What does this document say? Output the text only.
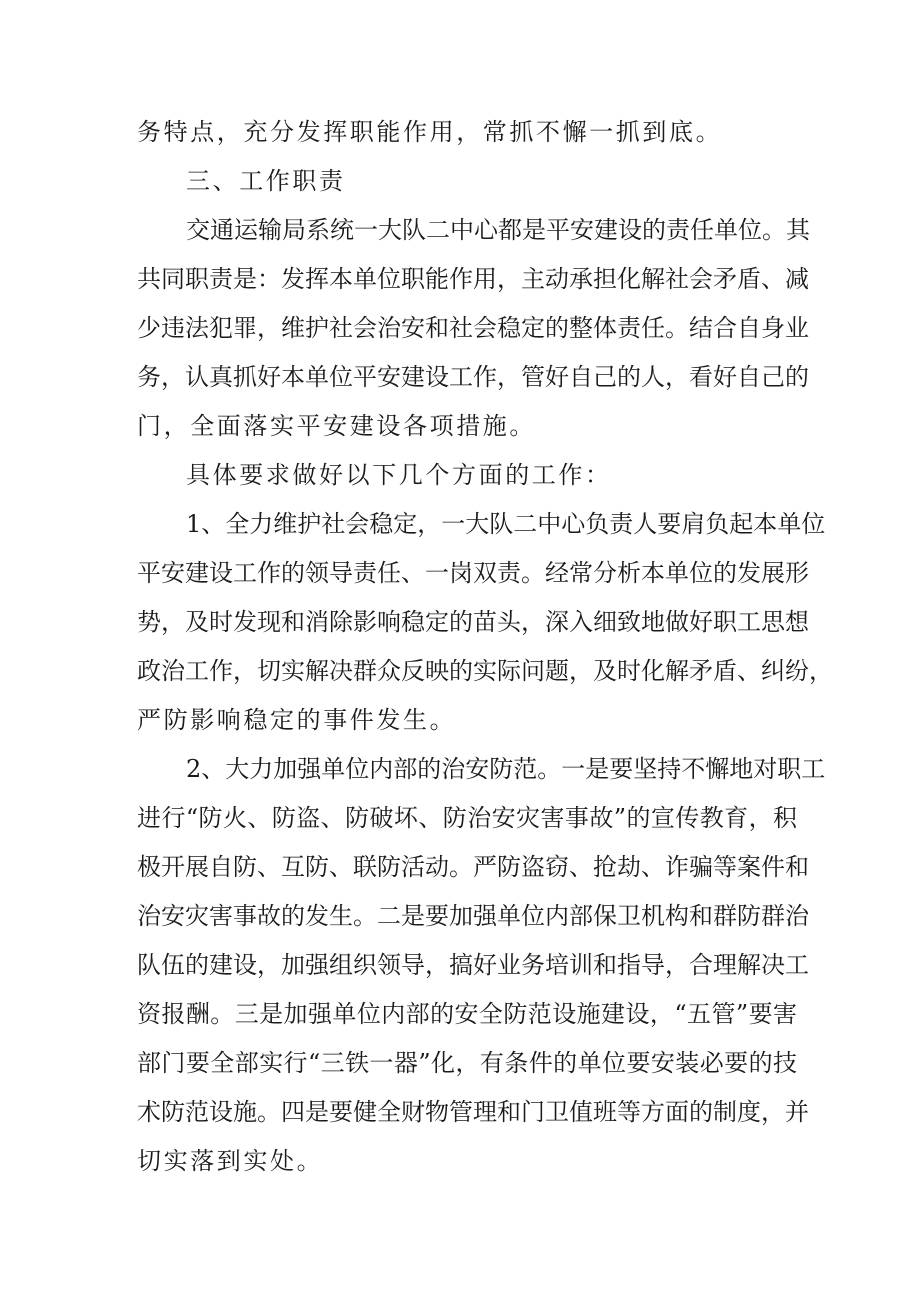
务特点，充分发挥职能作用，常抓不懈一抓到底。
三、工作职责
交通运输局系统一大队二中心都是平安建设的责任单位。其
共同职责是：发挥本单位职能作用，主动承担化解社会矛盾、减
少违法犯罪，维护社会治安和社会稳定的整体责任。结合自身业
务，认真抓好本单位平安建设工作，管好自己的人，看好自己的
门，全面落实平安建设各项措施。
具体要求做好以下几个方面的工作：
1、全力维护社会稳定，一大队二中心负责人要肩负起本单位
平安建设工作的领导责任、一岗双责。经常分析本单位的发展形
势，及时发现和消除影响稳定的苗头，深入细致地做好职工思想
政治工作，切实解决群众反映的实际问题，及时化解矛盾、纠纷，
严防影响稳定的事件发生。
2、大力加强单位内部的治安防范。一是要坚持不懈地对职工
进行“防火、防盗、防破坏、防治安灾害事故”的宣传教育，积
极开展自防、互防、联防活动。严防盗窃、抢劫、诈骗等案件和
治安灾害事故的发生。二是要加强单位内部保卫机构和群防群治
队伍的建设，加强组织领导，搞好业务培训和指导，合理解决工
资报酬。三是加强单位内部的安全防范设施建设，“五管”要害
部门要全部实行“三铁一器”化，有条件的单位要安装必要的技
术防范设施。四是要健全财物管理和门卫值班等方面的制度，并
切实落到实处。
